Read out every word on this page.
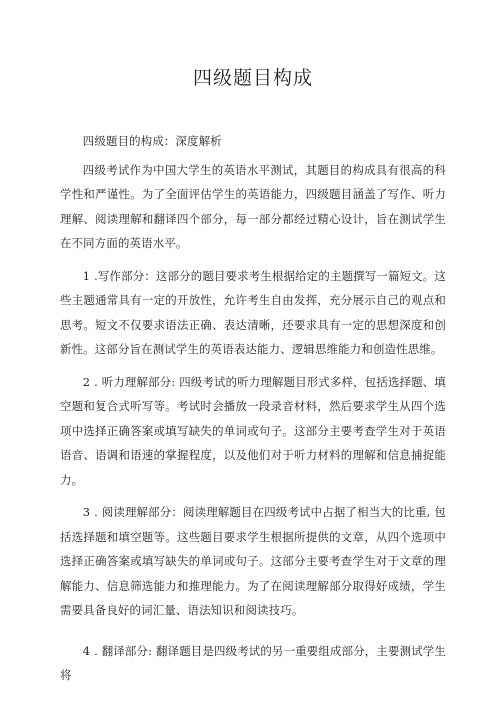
四级题目构成

四级题目的构成：深度解析

四级考试作为中国大学生的英语水平测试，其题目的构成具有很高的科学性和严谨性。为了全面评估学生的英语能力，四级题目涵盖了写作、听力理解、阅读理解和翻译四个部分，每一部分都经过精心设计，旨在测试学生在不同方面的英语水平。

1 .写作部分：这部分的题目要求考生根据给定的主题撰写一篇短文。这些主题通常具有一定的开放性，允许考生自由发挥，充分展示自己的观点和思考。短文不仅要求语法正确、表达清晰，还要求具有一定的思想深度和创新性。这部分旨在测试学生的英语表达能力、逻辑思维能力和创造性思维。

2 . 听力理解部分: 四级考试的听力理解题目形式多样，包括选择题、填空题和复合式听写等。考试时会播放一段录音材料，然后要求学生从四个选项中选择正确答案或填写缺失的单词或句子。这部分主要考查学生对于英语语音、语调和语速的掌握程度，以及他们对于听力材料的理解和信息捕捉能力。

3 . 阅读理解部分：阅读理解题目在四级考试中占据了相当大的比重, 包括选择题和填空题等。这些题目要求学生根据所提供的文章，从四个选项中选择正确答案或填写缺失的单词或句子。这部分主要考查学生对于文章的理解能力、信息筛选能力和推理能力。为了在阅读理解部分取得好成绩，学生需要具备良好的词汇量、语法知识和阅读技巧。

4 . 翻译部分: 翻译题目是四级考试的另一重要组成部分，主要测试学生将
